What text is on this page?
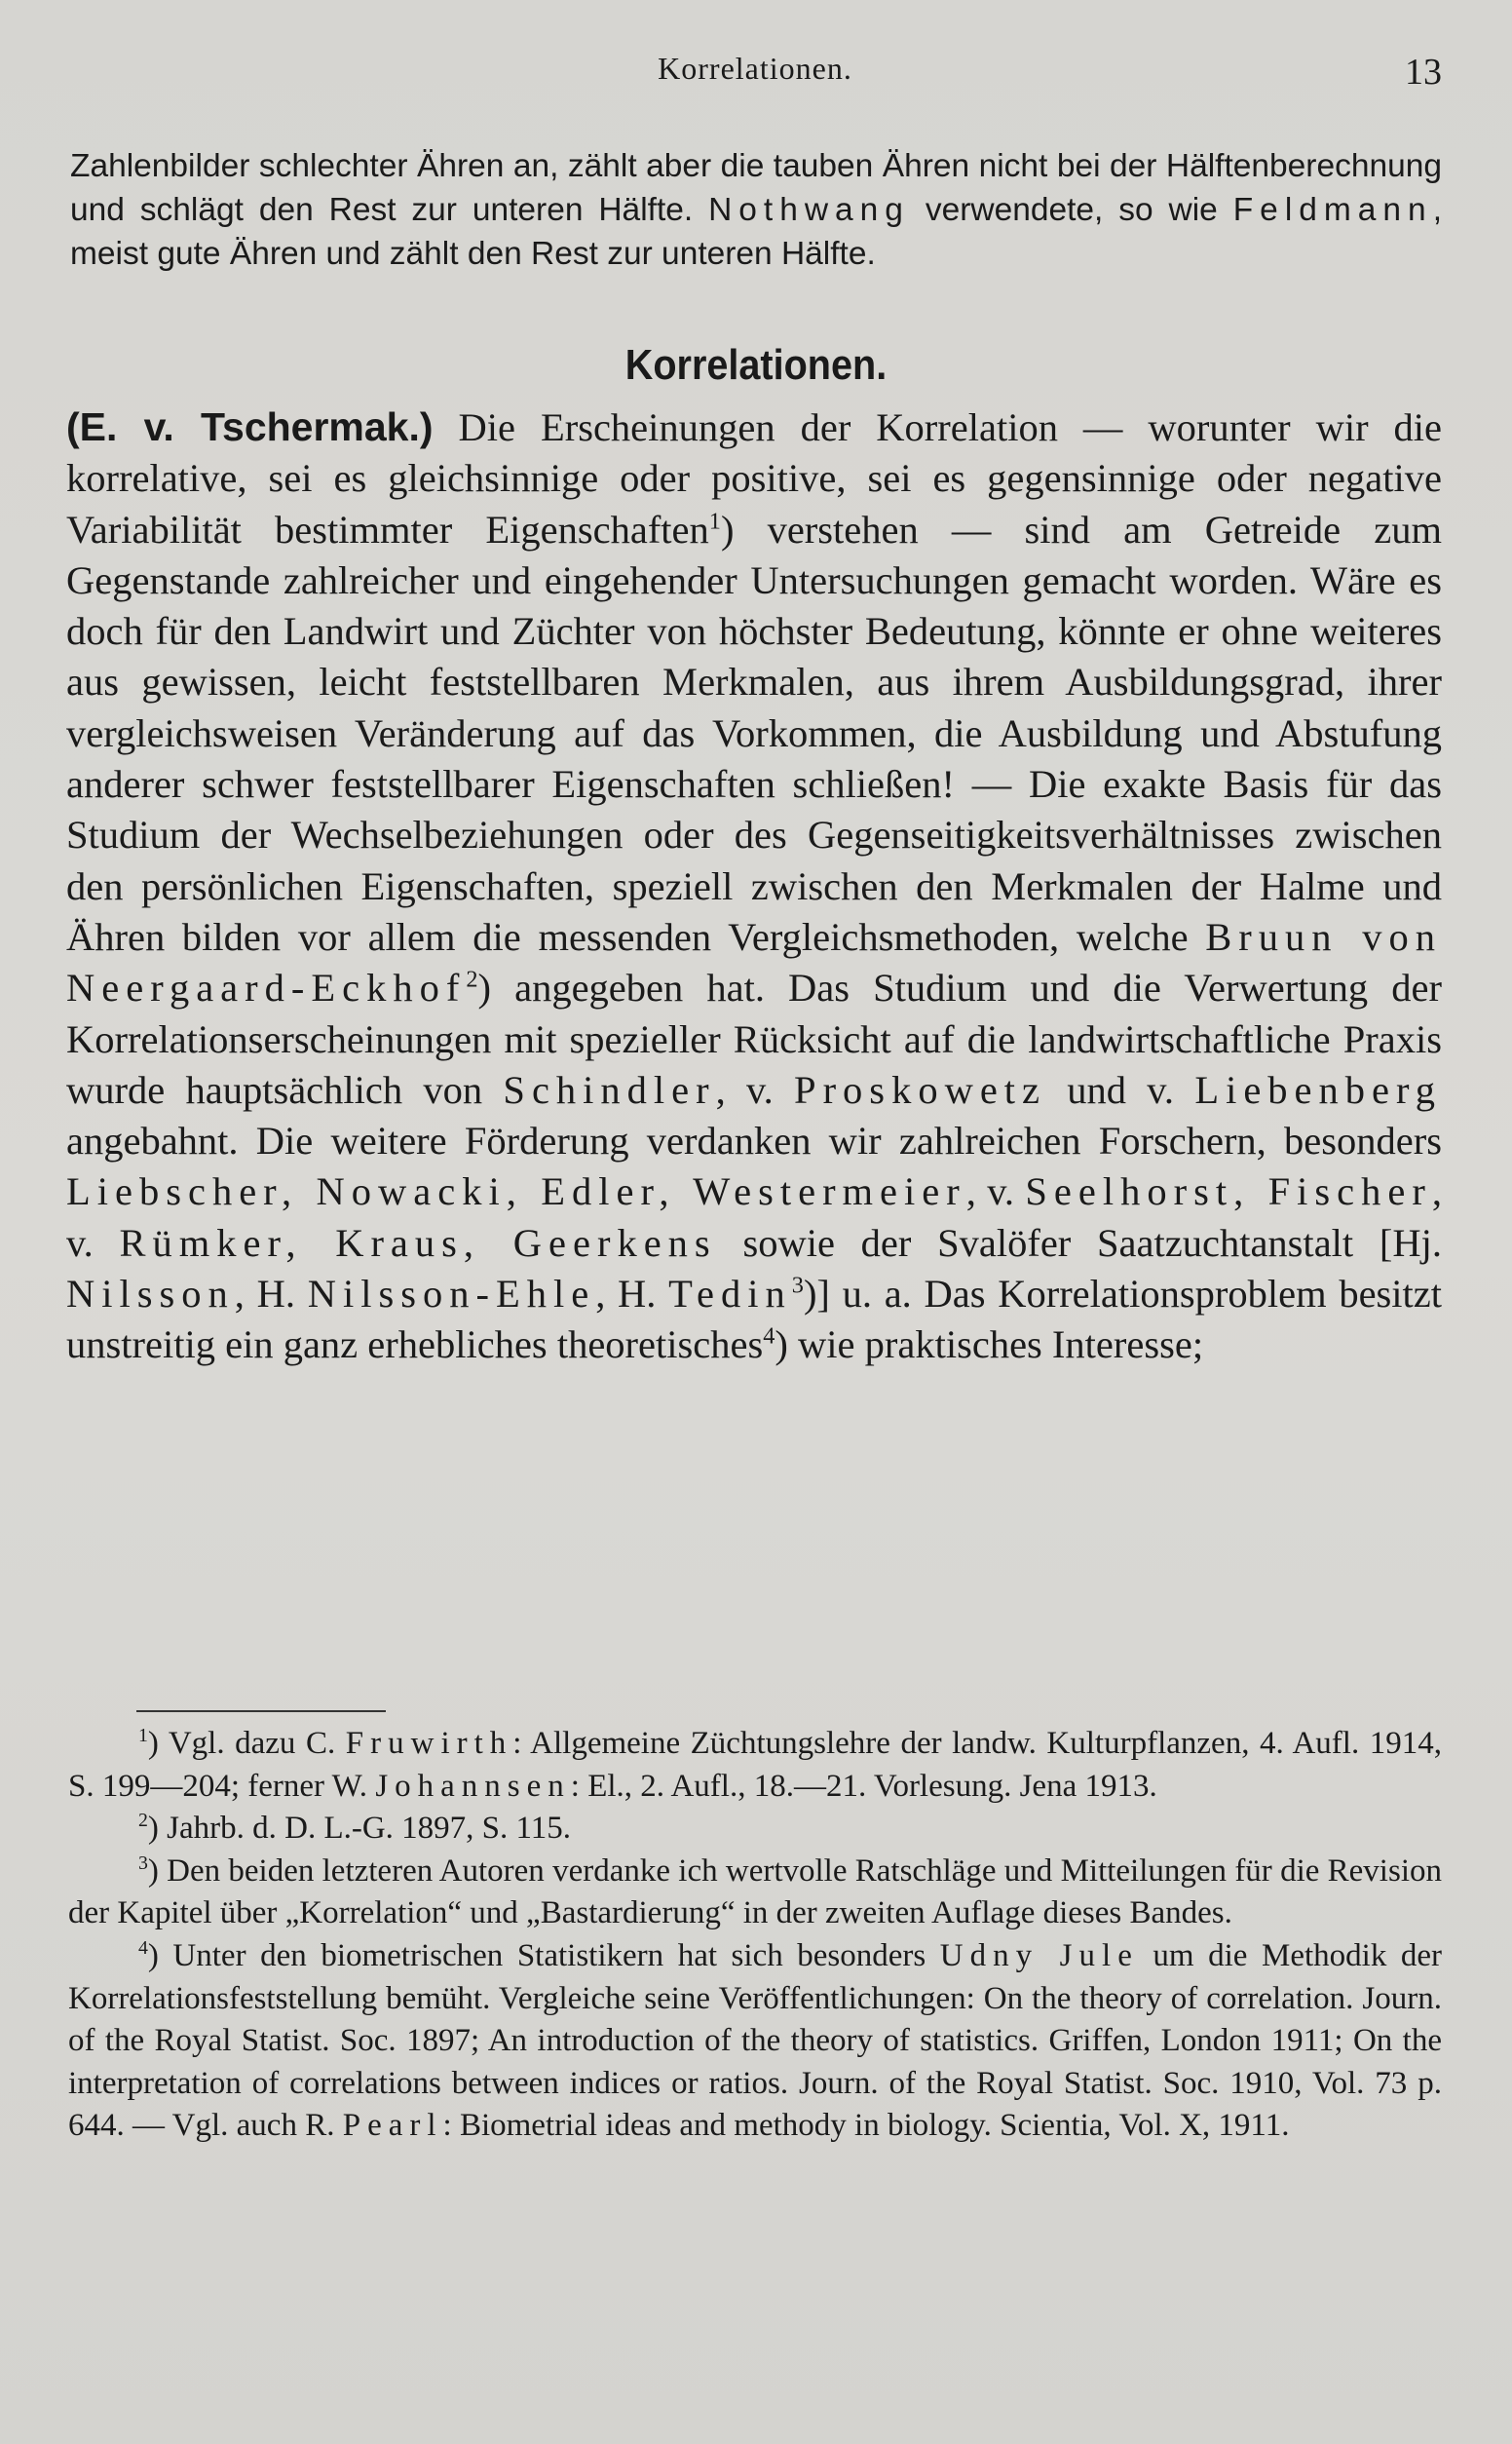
Korrelationen.	13
Zahlenbilder schlechter Ähren an, zählt aber die tauben Ähren nicht bei der Hälftenberechnung und schlägt den Rest zur unteren Hälfte. Nothwang verwendete, so wie Feldmann, meist gute Ähren und zählt den Rest zur unteren Hälfte.
Korrelationen.
(E. v. Tschermak.) Die Erscheinungen der Korrelation — worunter wir die korrelative, sei es gleichsinnige oder positive, sei es gegensinnige oder negative Variabilität bestimmter Eigenschaften$^1$) verstehen — sind am Getreide zum Gegenstande zahlreicher und eingehender Untersuchungen gemacht worden. Wäre es doch für den Landwirt und Züchter von höchster Bedeutung, könnte er ohne weiteres aus gewissen, leicht feststellbaren Merkmalen, aus ihrem Ausbildungsgrad, ihrer vergleichsweisen Veränderung auf das Vorkommen, die Ausbildung und Abstufung anderer schwer feststellbarer Eigenschaften schließen! — Die exakte Basis für das Studium der Wechselbeziehungen oder des Gegenseitigkeitsverhältnisses zwischen den persönlichen Eigenschaften, speziell zwischen den Merkmalen der Halme und Ähren bilden vor allem die messenden Vergleichsmethoden, welche Bruun von Neergaard-Eckhof$^2$) angegeben hat. Das Studium und die Verwertung der Korrelationserscheinungen mit spezieller Rücksicht auf die landwirtschaftliche Praxis wurde hauptsächlich von Schindler, v. Proskowetz und v. Liebenberg angebahnt. Die weitere Förderung verdanken wir zahlreichen Forschern, besonders Liebscher, Nowacki, Edler, Westermeier, v. Seelhorst, Fischer, v. Rümker, Kraus, Geerkens sowie der Svalöfer Saatzuchtanstalt [Hj. Nilsson, H. Nilsson-Ehle, H. Tedin$^3$)] u. a. Das Korrelationsproblem besitzt unstreitig ein ganz erhebliches theoretisches$^4$) wie praktisches Interesse;

$^1$) Vgl. dazu C. Fruwirth: Allgemeine Züchtungslehre der landw. Kulturpflanzen, 4. Aufl. 1914, S. 199—204; ferner W. Johannsen: El., 2. Aufl., 18.—21. Vorlesung. Jena 1913.

$^2$) Jahrb. d. D. L.-G. 1897, S. 115.

$^3$) Den beiden letzteren Autoren verdanke ich wertvolle Ratschläge und Mitteilungen für die Revision der Kapitel über „Korrelation“ und „Bastardierung“ in der zweiten Auflage dieses Bandes.

$^4$) Unter den biometrischen Statistikern hat sich besonders Udny Jule um die Methodik der Korrelationsfeststellung bemüht. Vergleiche seine Veröffentlichungen: On the theory of correlation. Journ. of the Royal Statist. Soc. 1897; An introduction of the theory of statistics. Griffen, London 1911; On the interpretation of correlations between indices or ratios. Journ. of the Royal Statist. Soc. 1910, Vol. 73 p. 644. — Vgl. auch R. Pearl: Biometrial ideas and methody in biology. Scientia, Vol. X, 1911.
